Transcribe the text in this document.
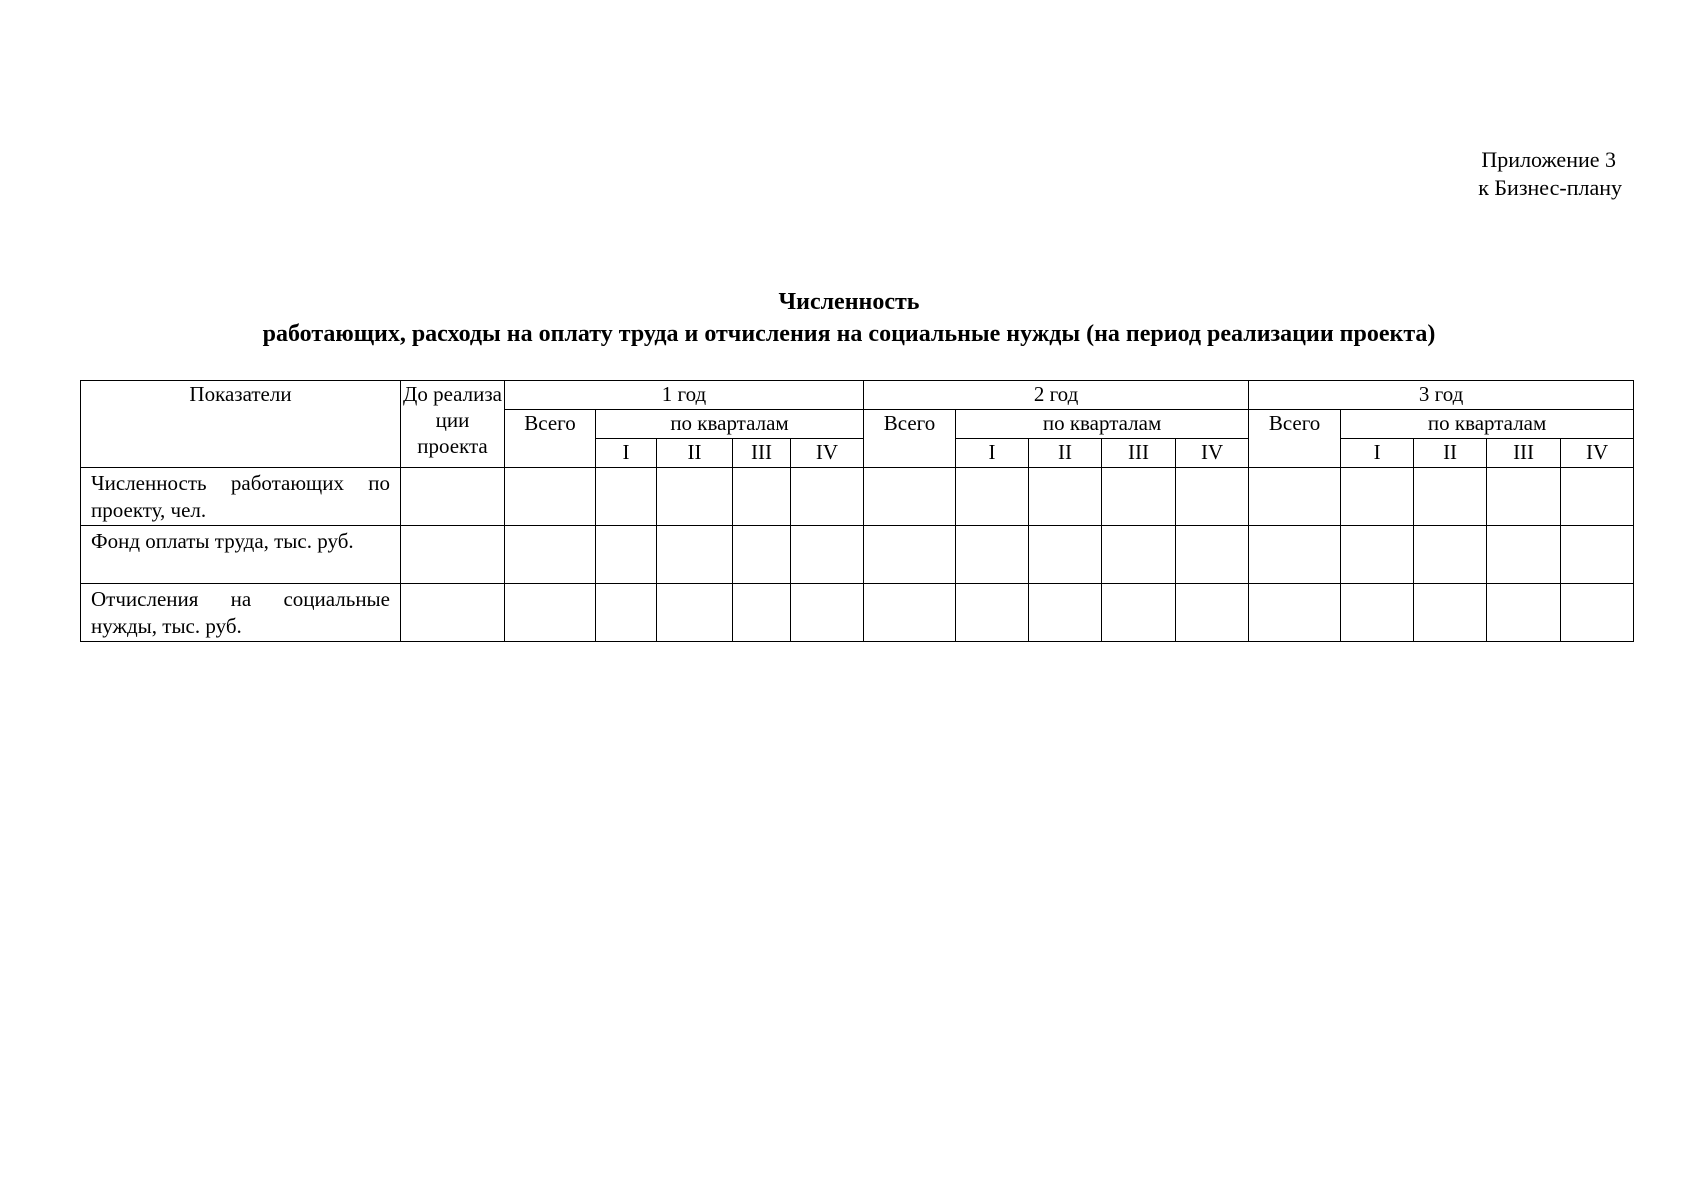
Приложение 3
к Бизнес-плану
Численность
работающих, расходы на оплату труда и отчисления на социальные нужды (на период реализации проекта)
Показатели	До реализа ции проекта	1 год					2 год					3 год				
		Всего	по кварталам				Всего	по кварталам				Всего	по кварталам			
			I	II	III	IV		I	II	III	IV		I	II	III	IV
Численность работающих по проекту, чел.																
Фонд оплаты труда, тыс. руб.																
Отчисления на социальные нужды, тыс. руб.																
